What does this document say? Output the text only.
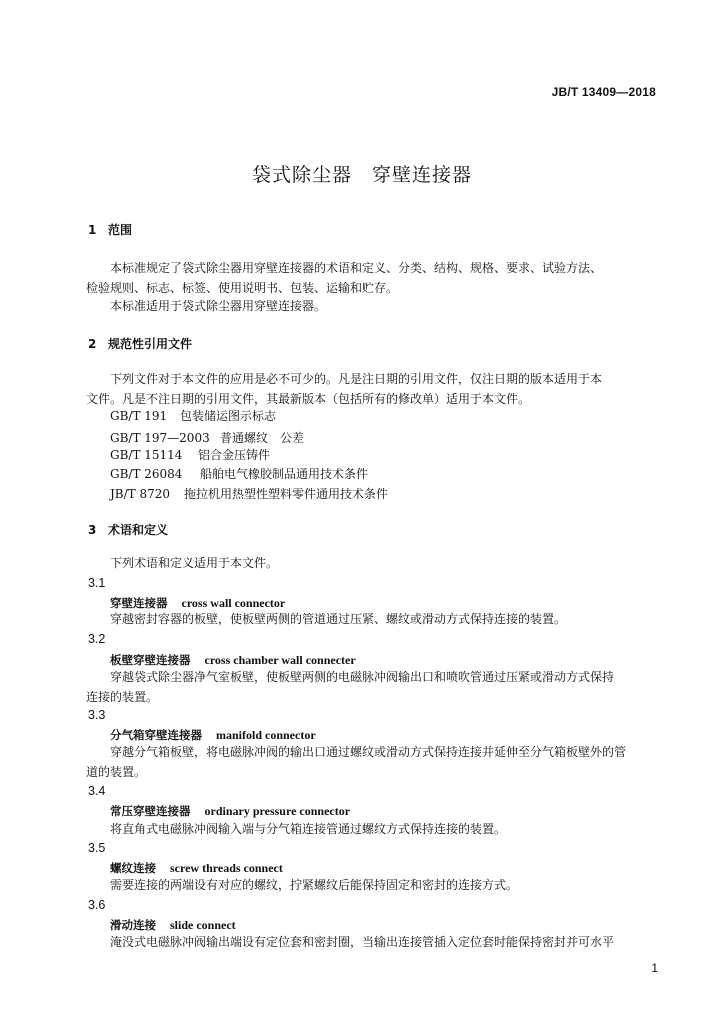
JB/T 13409—2018
袋式除尘器　穿壁连接器
1 范围
本标准规定了袋式除尘器用穿壁连接器的术语和定义、分类、结构、规格、要求、试验方法、
检验规则、标志、标签、使用说明书、包装、运输和贮存。
本标准适用于袋式除尘器用穿壁连接器。
2 规范性引用文件
下列文件对于本文件的应用是必不可少的。凡是注日期的引用文件，仅注日期的版本适用于本
文件。凡是不注日期的引用文件，其最新版本（包括所有的修改单）适用于本文件。
GB/T 191 包装储运图示标志
GB/T 197—2003 普通螺纹　公差
GB/T 15114 铝合金压铸件
GB/T 26084 船舶电气橡胶制品通用技术条件
JB/T 8720 拖拉机用热塑性塑料零件通用技术条件
3 术语和定义
下列术语和定义适用于本文件。
3.1
穿壁连接器 cross wall connector
穿越密封容器的板壁，使板壁两侧的管道通过压紧、螺纹或滑动方式保持连接的装置。
3.2
板壁穿壁连接器 cross chamber wall connecter
穿越袋式除尘器净气室板壁，使板壁两侧的电磁脉冲阀输出口和喷吹管通过压紧或滑动方式保持
连接的装置。
3.3
分气箱穿壁连接器 manifold connector
穿越分气箱板壁，将电磁脉冲阀的输出口通过螺纹或滑动方式保持连接并延伸至分气箱板壁外的管
道的装置。
3.4
常压穿壁连接器 ordinary pressure connector
将直角式电磁脉冲阀输入端与分气箱连接管通过螺纹方式保持连接的装置。
3.5
螺纹连接 screw threads connect
需要连接的两端设有对应的螺纹，拧紧螺纹后能保持固定和密封的连接方式。
3.6
滑动连接 slide connect
淹没式电磁脉冲阀输出端设有定位套和密封圈，当输出连接管插入定位套时能保持密封并可水平
1
